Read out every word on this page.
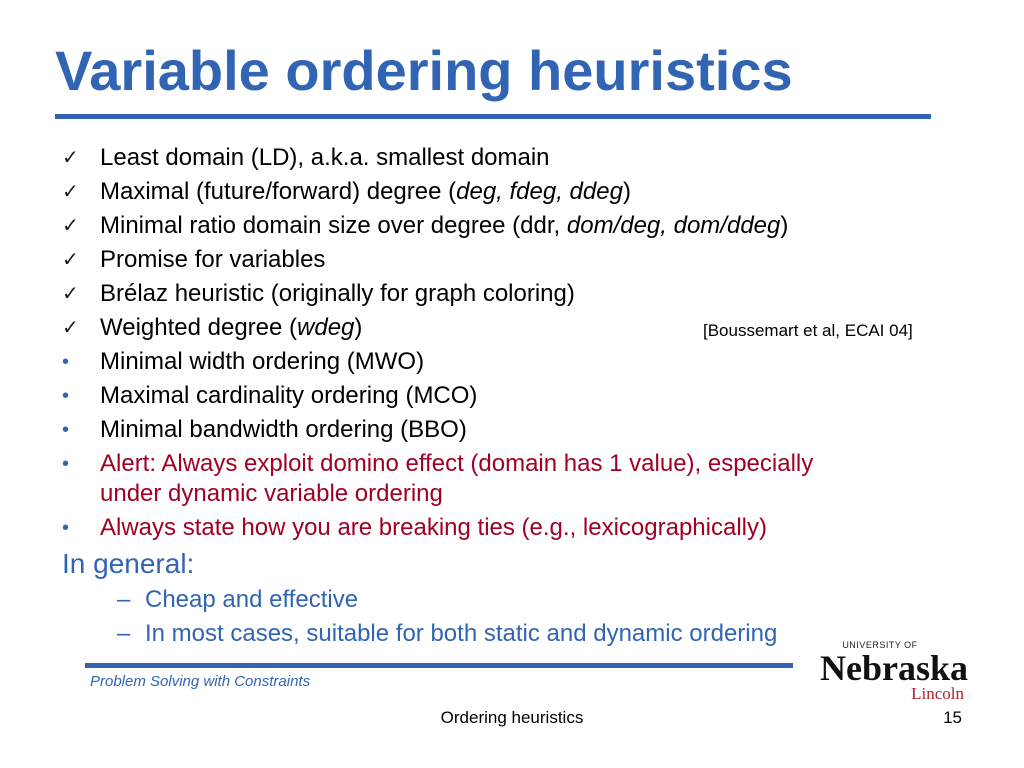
Variable ordering heuristics
✓ Least domain (LD), a.k.a. smallest domain
✓ Maximal (future/forward) degree (deg, fdeg, ddeg)
✓ Minimal ratio domain size over degree (ddr, dom/deg, dom/ddeg)
✓ Promise for variables
✓ Brélaz heuristic (originally for graph coloring)
✓ Weighted degree (wdeg)	[Boussemart et al, ECAI 04]
•	Minimal width ordering (MWO)
•	Maximal cardinality ordering (MCO)
•	Minimal bandwidth ordering (BBO)
•	Alert: Always exploit domino effect (domain has 1 value), especially
under dynamic variable ordering
•	Always state how you are breaking ties (e.g., lexicographically)
In general:
– Cheap and effective
– In most cases, suitable for both static and dynamic ordering
Problem Solving with Constraints
Ordering heuristics	15
UNIVERSITY OF
Nebraska
Lincoln
